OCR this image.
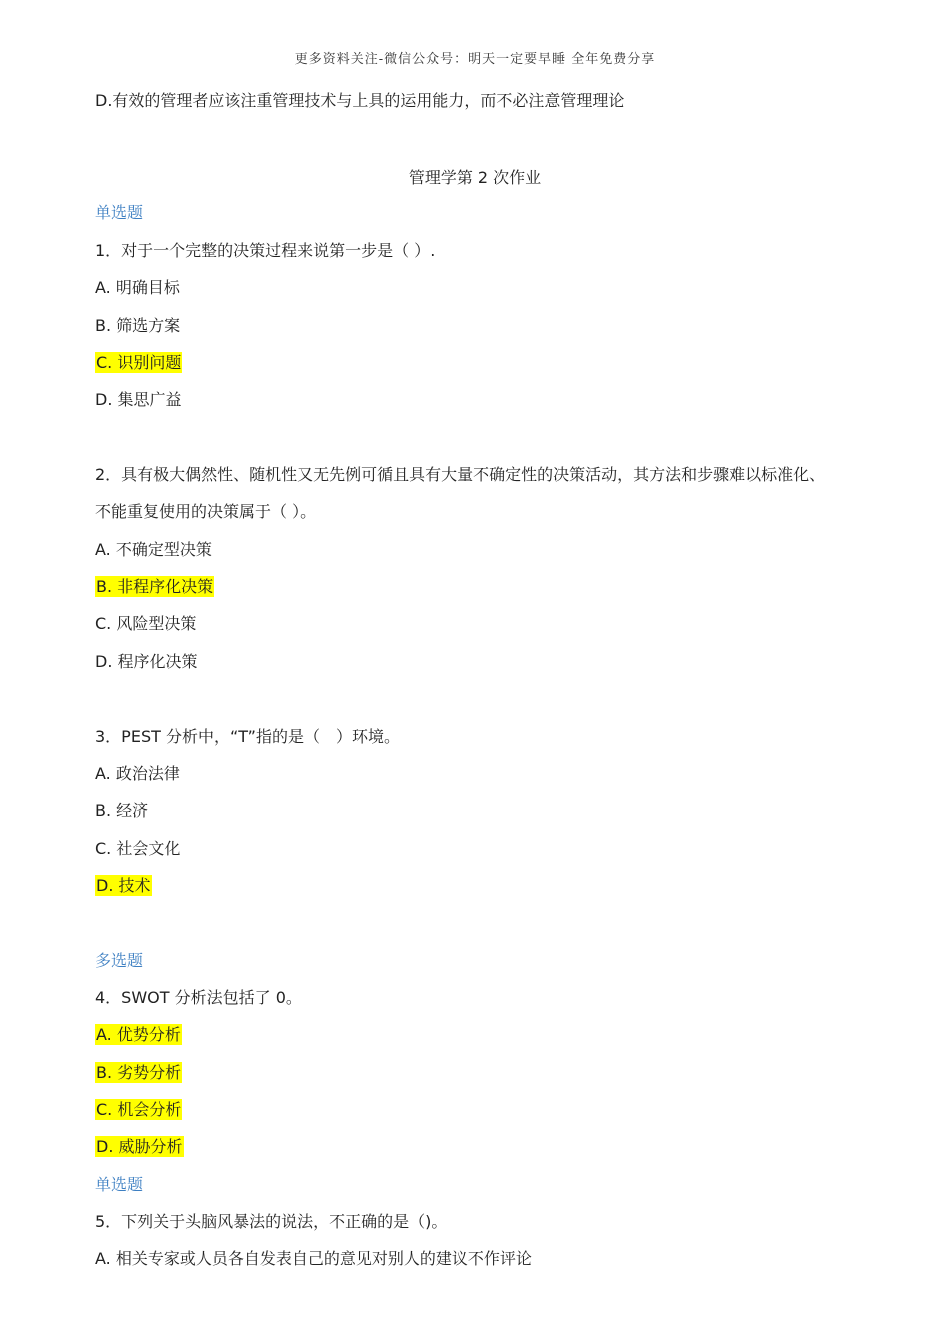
更多资料关注-微信公众号：明天一定要早睡 全年免费分享
D.有效的管理者应该注重管理技术与上具的运用能力，而不必注意管理理论
管理学第 2 次作业
单选题
1．对于一个完整的决策过程来说第一步是（ ）.
A. 明确目标
B. 筛选方案
C. 识别问题
D. 集思广益
2．具有极大偶然性、随机性又无先例可循且具有大量不确定性的决策活动，其方法和步骤难以标准化、
不能重复使用的决策属于（ ）。
A. 不确定型决策
B. 非程序化决策
C. 风险型决策
D. 程序化决策
3．PEST 分析中，“T”指的是（　）环境。
A. 政治法律
B. 经济
C. 社会文化
D. 技术
多选题
4．SWOT 分析法包括了 0。
A. 优势分析
B. 劣势分析
C. 机会分析
D. 威胁分析
单选题
5．下列关于头脑风暴法的说法，不正确的是（)。
A. 相关专家或人员各自发表自己的意见对别人的建议不作评论
